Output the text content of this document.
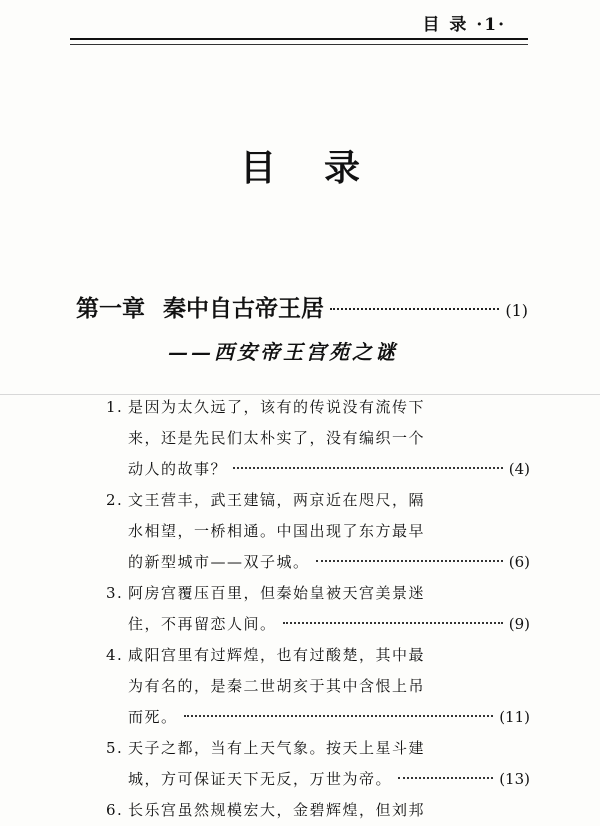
目 录 ·1·
目录
第一章 秦中自古帝王居	(1)
——西安帝王宫苑之谜
1. 是因为太久远了，该有的传说没有流传下
来，还是先民们太朴实了，没有编织一个
动人的故事？	(4)
2. 文王营丰，武王建镐，两京近在咫尺，隔
水相望，一桥相通。中国出现了东方最早
的新型城市——双子城。	(6)
3. 阿房宫覆压百里，但秦始皇被天宫美景迷
住，不再留恋人间。	(9)
4. 咸阳宫里有过辉煌，也有过酸楚，其中最
为有名的，是秦二世胡亥于其中含恨上吊
而死。	(11)
5. 天子之都，当有上天气象。按天上星斗建
城，方可保证天下无反，万世为帝。	(13)
6. 长乐宫虽然规模宏大，金碧辉煌，但刘邦
